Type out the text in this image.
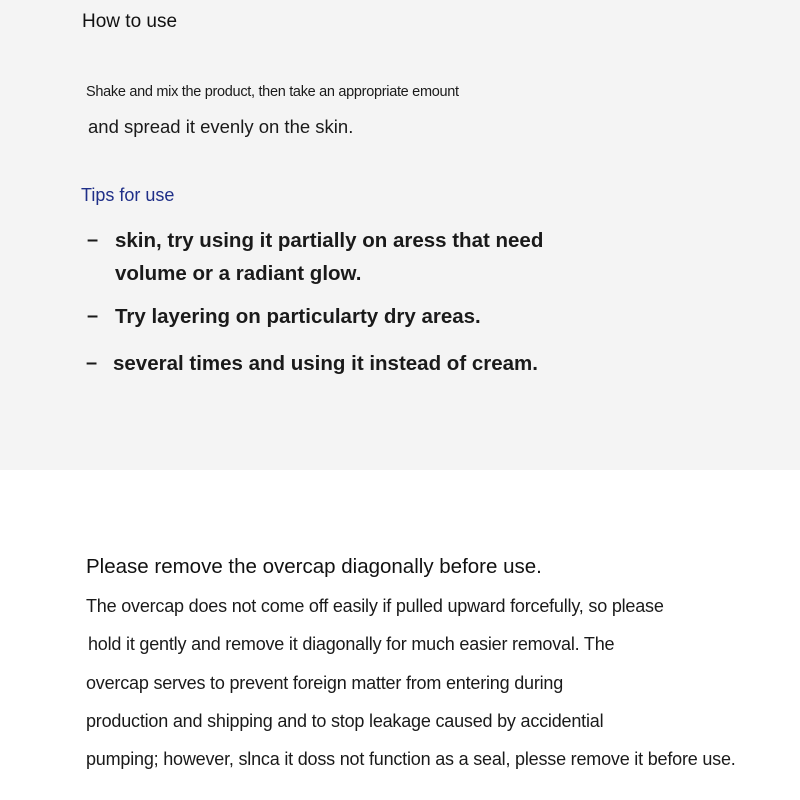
How to use
Shake and mix the product, then take an appropriate emount
and spread it evenly on the skin.
Tips for use
– skin, try using it partially on aress that need
volume or a radiant glow.
– Try layering on particularty dry areas.
– several times and using it instead of cream.
Please remove the overcap diagonally before use.
The overcap does not come off easily if pulled upward forcefully, so please
hold it gently and remove it diagonally for much easier removal. The
overcap serves to prevent foreign matter from entering during
production and shipping and to stop leakage caused by accidential
pumping; however, slnca it doss not function as a seal, plesse remove it before use.
